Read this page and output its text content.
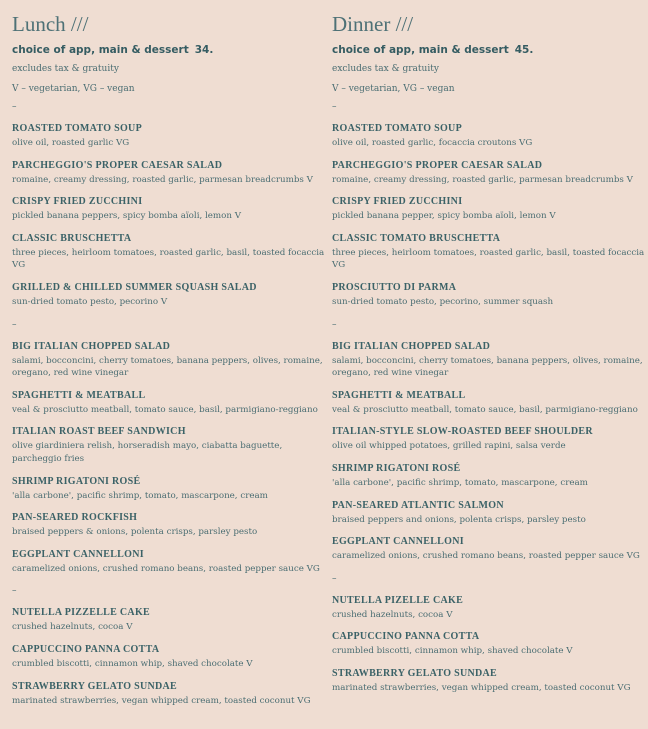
Lunch ///
choice of app, main & dessert 34.
excludes tax & gratuity
V – vegetarian, VG – vegan
–
ROASTED TOMATO SOUP
olive oil, roasted garlic VG
PARCHEGGIO'S PROPER CAESAR SALAD
romaine, creamy dressing, roasted garlic, parmesan breadcrumbs V
CRISPY FRIED ZUCCHINI
pickled banana peppers, spicy bomba aïoli, lemon V
CLASSIC BRUSCHETTA
three pieces, heirloom tomatoes, roasted garlic, basil, toasted focaccia VG
GRILLED & CHILLED SUMMER SQUASH SALAD
sun-dried tomato pesto, pecorino V
–
BIG ITALIAN CHOPPED SALAD
salami, bocconcini, cherry tomatoes, banana peppers, olives, romaine, oregano, red wine vinegar
SPAGHETTI & MEATBALL
veal & prosciutto meatball, tomato sauce, basil, parmigiano-reggiano
ITALIAN ROAST BEEF SANDWICH
olive giardiniera relish, horseradish mayo, ciabatta baguette, parcheggio fries
SHRIMP RIGATONI ROSÉ
'alla carbone', pacific shrimp, tomato, mascarpone, cream
PAN-SEARED ROCKFISH
braised peppers & onions, polenta crisps, parsley pesto
EGGPLANT CANNELLONI
caramelized onions, crushed romano beans, roasted pepper sauce VG
–
NUTELLA PIZZELLE CAKE
crushed hazelnuts, cocoa V
CAPPUCCINO PANNA COTTA
crumbled biscotti, cinnamon whip, shaved chocolate V
STRAWBERRY GELATO SUNDAE
marinated strawberries, vegan whipped cream, toasted coconut VG
Dinner ///
choice of app, main & dessert 45.
excludes tax & gratuity
V – vegetarian, VG – vegan
–
ROASTED TOMATO SOUP
olive oil, roasted garlic, focaccia croutons VG
PARCHEGGIO'S PROPER CAESAR SALAD
romaine, creamy dressing, roasted garlic, parmesan breadcrumbs V
CRISPY FRIED ZUCCHINI
pickled banana pepper, spicy bomba aïoli, lemon V
CLASSIC TOMATO BRUSCHETTA
three pieces, heirloom tomatoes, roasted garlic, basil, toasted focaccia VG
PROSCIUTTO DI PARMA
sun-dried tomato pesto, pecorino, summer squash
–
BIG ITALIAN CHOPPED SALAD
salami, bocconcini, cherry tomatoes, banana peppers, olives, romaine, oregano, red wine vinegar
SPAGHETTI & MEATBALL
veal & prosciutto meatball, tomato sauce, basil, parmigiano-reggiano
ITALIAN-STYLE SLOW-ROASTED BEEF SHOULDER
olive oil whipped potatoes, grilled rapini, salsa verde
SHRIMP RIGATONI ROSÉ
'alla carbone', pacific shrimp, tomato, mascarpone, cream
PAN-SEARED ATLANTIC SALMON
braised peppers and onions, polenta crisps, parsley pesto
EGGPLANT CANNELLONI
caramelized onions, crushed romano beans, roasted pepper sauce VG
–
NUTELLA PIZELLE CAKE
crushed hazelnuts, cocoa V
CAPPUCCINO PANNA COTTA
crumbled biscotti, cinnamon whip, shaved chocolate V
STRAWBERRY GELATO SUNDAE
marinated strawberries, vegan whipped cream, toasted coconut VG
